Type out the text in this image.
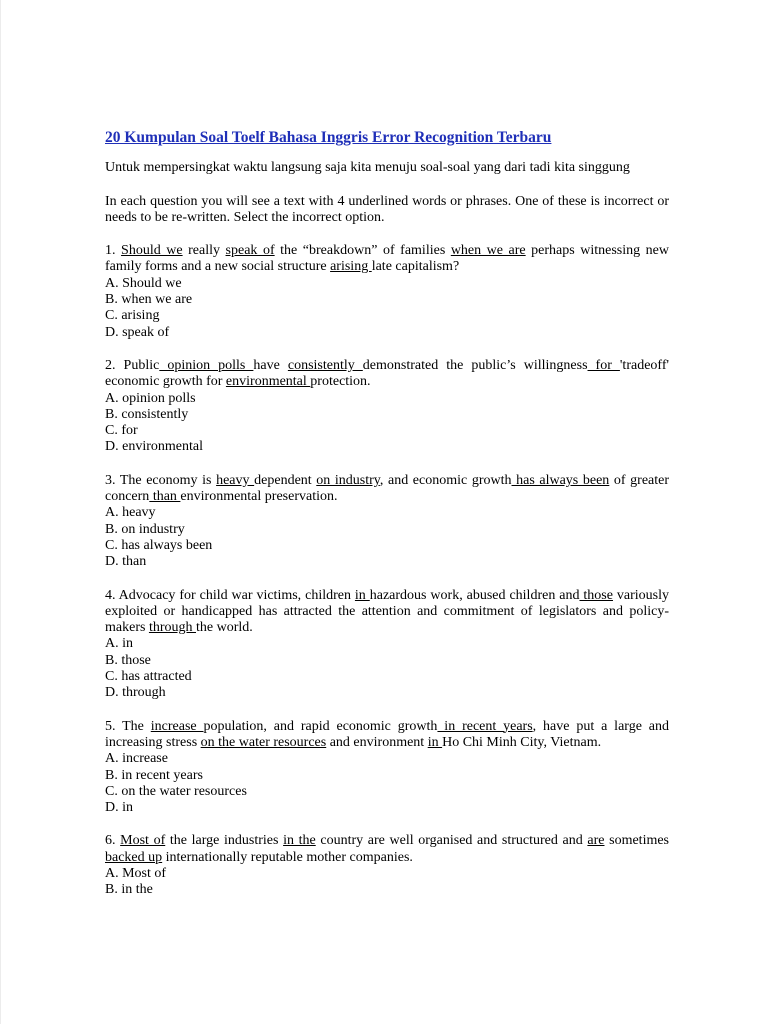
20 Kumpulan Soal Toelf Bahasa Inggris Error Recognition Terbaru

Untuk mempersingkat waktu langsung saja kita menuju soal-soal yang dari tadi kita singgung

In each question you will see a text with 4 underlined words or phrases. One of these is incorrect or needs to be re-written. Select the incorrect option.

1. Should we really speak of the “breakdown” of families when we are perhaps witnessing new family forms and a new social structure arising late capitalism?

A. Should we
B. when we are
C. arising
D. speak of

2. Public opinion polls have consistently demonstrated the public’s willingness for 'tradeoff' economic growth for environmental protection.

A. opinion polls
B. consistently
C. for
D. environmental

3. The economy is heavy dependent on industry, and economic growth has always been of greater concern than environmental preservation.

A. heavy
B. on industry
C. has always been
D. than

4. Advocacy for child war victims, children in hazardous work, abused children and those variously exploited or handicapped has attracted the attention and commitment of legislators and policy-makers through the world.

A. in
B. those
C. has attracted
D. through

5. The increase population, and rapid economic growth in recent years, have put a large and increasing stress on the water resources and environment in Ho Chi Minh City, Vietnam.

A. increase
B. in recent years
C. on the water resources
D. in

6. Most of the large industries in the country are well organised and structured and are sometimes backed up internationally reputable mother companies.

A. Most of
B. in the
